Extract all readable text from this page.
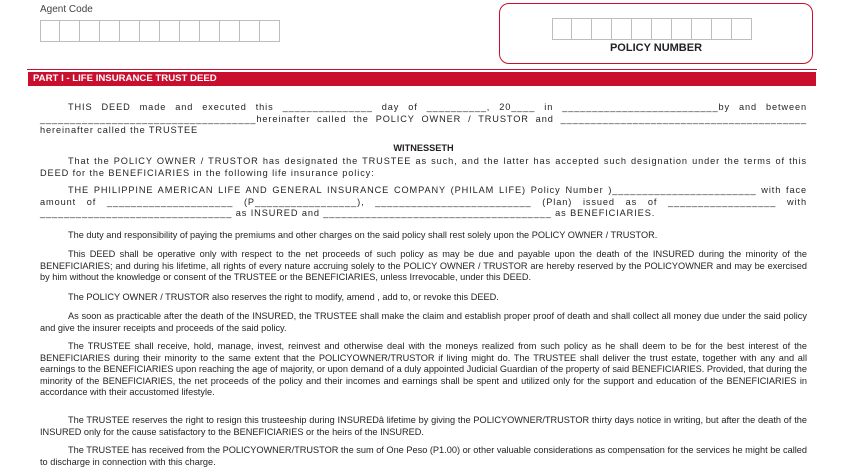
Agent Code
POLICY NUMBER
PART I - LIFE INSURANCE TRUST DEED
THIS DEED made and executed this _______________ day of __________, 20____ in __________________________by and between ____________________________________hereinafter called the POLICY OWNER / TRUSTOR and _________________________________________ hereinafter called the TRUSTEE
WITNESSETH
That the POLICY OWNER / TRUSTOR has designated the TRUSTEE as such, and the latter has accepted such designation under the terms of this DEED for the BENEFICIARIES in the following life insurance policy:
THE PHILIPPINE AMERICAN LIFE AND GENERAL INSURANCE COMPANY (PHILAM LIFE) Policy Number )________________________ with face amount of _____________________ (P_________________), __________________________ (Plan) issued as of __________________ with ________________________________ as INSURED and ______________________________________ as BENEFICIARIES.
The duty and responsibility of paying the premiums and other charges on the said policy shall rest solely upon the POLICY OWNER / TRUSTOR.
This DEED shall be operative only with respect to the net proceeds of such policy as may be due and payable upon the death of the INSURED during the minority of the BENEFICIARIES; and during his lifetime, all rights of every nature accruing solely to the POLICY OWNER / TRUSTOR are hereby reserved by the POLICYOWNER and may be exercised by him without the knowledge or consent of the TRUSTEE or the BENEFICIARIES, unless Irrevocable, under this DEED.
The POLICY OWNER / TRUSTOR also reserves the right to modify, amend , add to, or revoke this DEED.
As soon as practicable after the death of the INSURED, the TRUSTEE shall make the claim and establish proper proof of death and shall collect all money due under the said policy and give the insurer receipts and proceeds of the said policy.
The TRUSTEE shall receive, hold, manage, invest, reinvest and otherwise deal with the moneys realized from such policy as he shall deem to be for the best interest of the BENEFICIARIES during their minority to the same extent that the POLICYOWNER/TRUSTOR if living might do. The TRUSTEE shall deliver the trust estate, together with any and all earnings to the BENEFICIARIES upon reaching the age of majority, or upon demand of a duly appointed Judicial Guardian of the property of said BENEFICIARIES. Provided, that during the minority of the BENEFICIARIES, the net proceeds of the policy and their incomes and earnings shall be spent and utilized only for the support and education of the BENEFICIARIES in accordance with their accustomed lifestyle.
The TRUSTEE reserves the right to resign this trusteeship during INSUREDâ lifetime by giving the POLICYOWNER/TRUSTOR thirty days notice in writing, but after the death of the INSURED only for the cause satisfactory to the BENEFICIARIES or the heirs of the INSURED.
The TRUSTEE has received from the POLICYOWNER/TRUSTOR the sum of One Peso (P1.00) or other valuable considerations as compensation for the services he might be called to discharge in connection with this charge.
